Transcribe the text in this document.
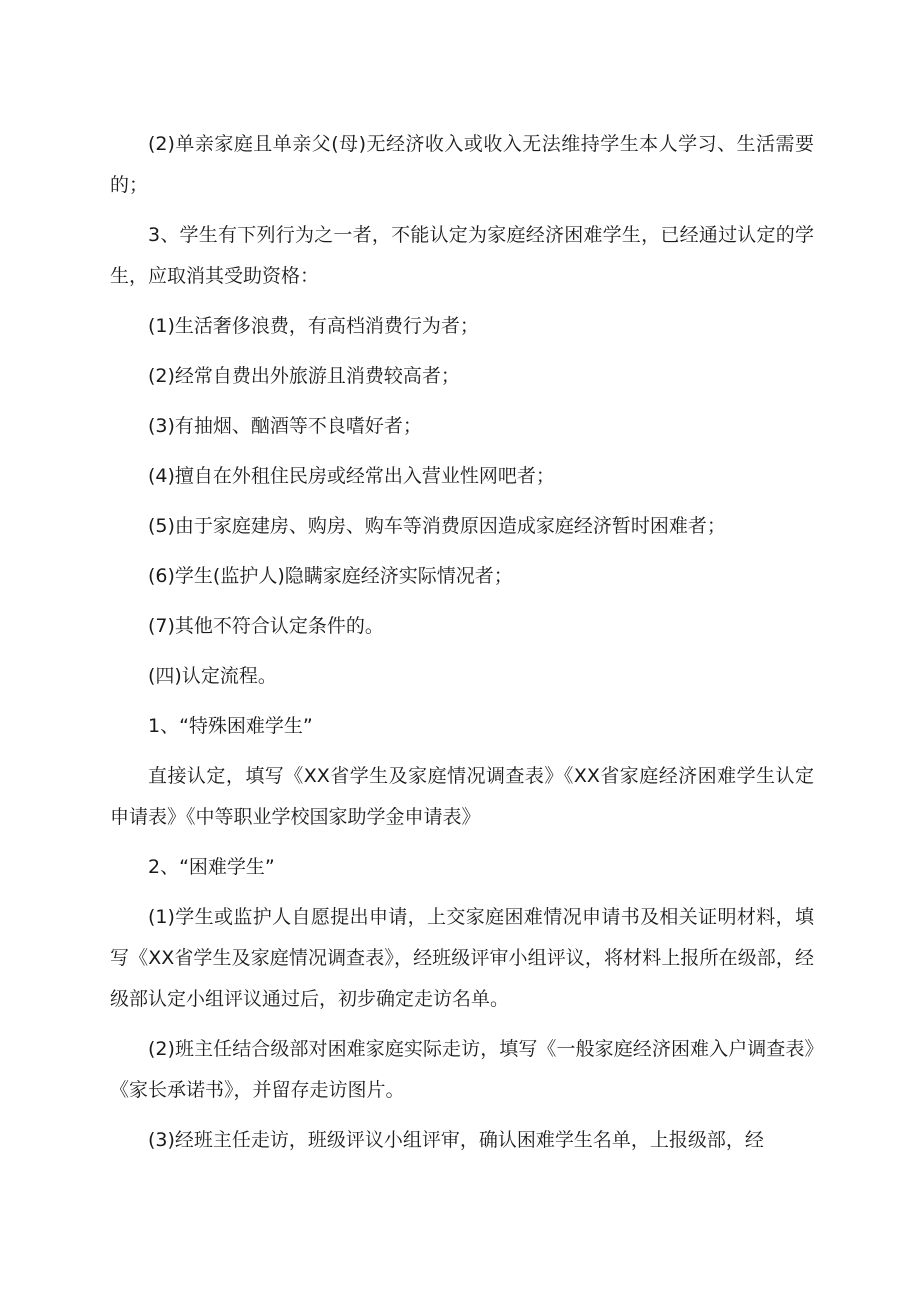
(2)单亲家庭且单亲父(母)无经济收入或收入无法维持学生本人学习、生活需要的；

3、学生有下列行为之一者，不能认定为家庭经济困难学生，已经通过认定的学生，应取消其受助资格：

(1)生活奢侈浪费，有高档消费行为者；

(2)经常自费出外旅游且消费较高者；

(3)有抽烟、酗酒等不良嗜好者；

(4)擅自在外租住民房或经常出入营业性网吧者；

(5)由于家庭建房、购房、购车等消费原因造成家庭经济暂时困难者；

(6)学生(监护人)隐瞒家庭经济实际情况者；

(7)其他不符合认定条件的。

(四)认定流程。

1、“特殊困难学生”

直接认定，填写《XX省学生及家庭情况调查表》《XX省家庭经济困难学生认定申请表》《中等职业学校国家助学金申请表》

2、“困难学生”

(1)学生或监护人自愿提出申请，上交家庭困难情况申请书及相关证明材料，填写《XX省学生及家庭情况调查表》，经班级评审小组评议，将材料上报所在级部，经级部认定小组评议通过后，初步确定走访名单。

(2)班主任结合级部对困难家庭实际走访，填写《一般家庭经济困难入户调查表》《家长承诺书》，并留存走访图片。

(3)经班主任走访，班级评议小组评审，确认困难学生名单，上报级部，经
